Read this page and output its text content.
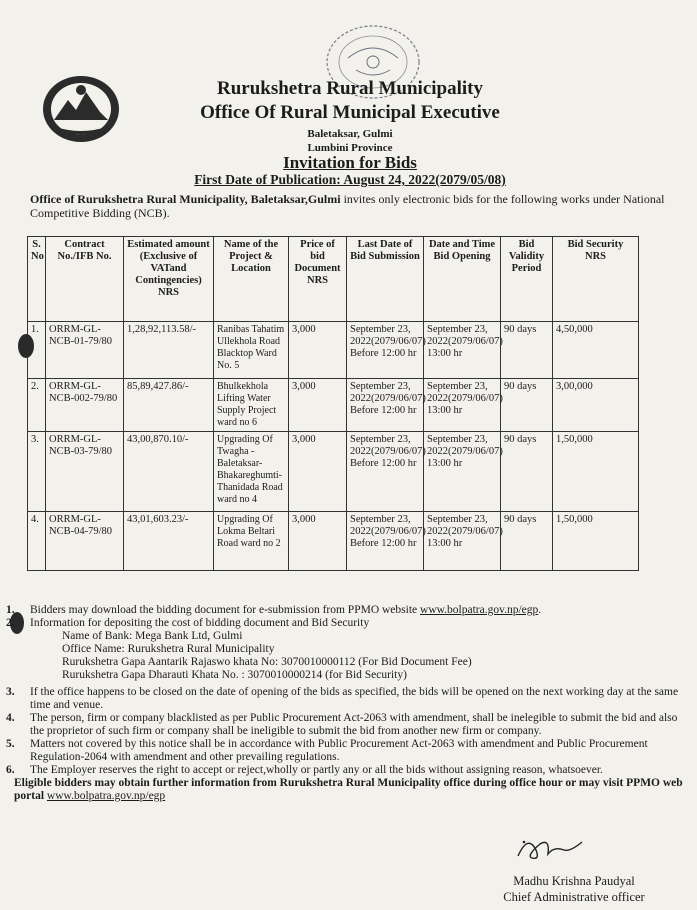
Rurukshetra Rural Municipality
Office Of Rural Municipal Executive
Baletaksar, Gulmi
Lumbini Province
Invitation for Bids
First Date of Publication: August 24, 2022(2079/05/08)
Office of Rurukshetra Rural Municipality, Baletaksar,Gulmi invites only electronic bids for the following works under National Competitive Bidding (NCB).
S. No	Contract No./IFB No.	Estimated amount (Exclusive of VATand Contingencies) NRS	Name of the Project & Location	Price of bid Document NRS	Last Date of Bid Submission	Date and Time Bid Opening	Bid Validity Period	Bid Security NRS
1.	ORRM-GL-NCB-01-79/80	1,28,92,113.58/-	Ranibas Tahatim Ullekhola Road Blacktop Ward No. 5	3,000	September 23, 2022(2079/06/07) Before 12:00 hr	September 23, 2022(2079/06/07) 13:00 hr	90 days	4,50,000
2.	ORRM-GL-NCB-002-79/80	85,89,427.86/-	Bhulkekhola Lifting Water Supply Project ward no 6	3,000	September 23, 2022(2079/06/07) Before 12:00 hr	September 23, 2022(2079/06/07) 13:00 hr	90 days	3,00,000
3.	ORRM-GL-NCB-03-79/80	43,00,870.10/-	Upgrading Of Twagha - Baletaksar-Bhakareghumti-Thanidada Road ward no 4	3,000	September 23, 2022(2079/06/07) Before 12:00 hr	September 23, 2022(2079/06/07) 13:00 hr	90 days	1,50,000
4.	ORRM-GL-NCB-04-79/80	43,01,603.23/-	Upgrading Of Lokma Beltari Road ward no 2	3,000	September 23, 2022(2079/06/07) Before 12:00 hr	September 23, 2022(2079/06/07) 13:00 hr	90 days	1,50,000

1. Bidders may download the bidding document for e-submission from PPMO website www.bolpatra.gov.np/egp.

2. Information for depositing the cost of bidding document and Bid Security

Name of Bank: Mega Bank Ltd, Gulmi

Office Name: Rurukshetra Rural Municipality

Rurukshetra Gapa Aantarik Rajaswo khata No: 3070010000112 (For Bid Document Fee)

Rurukshetra Gapa Dharauti Khata No. : 3070010000214 (for Bid Security)

3. If the office happens to be closed on the date of opening of the bids as specified, the bids will be opened on the next working day at the same time and venue.

4. The person, firm or company blacklisted as per Public Procurement Act-2063 with amendment, shall be inelegible to submit the bid and also the proprietor of such firm or company shall be ineligible to submit the bid from another new firm or company.

5. Matters not covered by this notice shall be in accordance with Public Procurement Act-2063 with amendment and Public Procurement Regulation-2064 with amendment and other prevailing regulations.

6. The Employer reserves the right to accept or reject,wholly or partly any or all the bids without assigning reason, whatsoever.

Eligible bidders may obtain further information from Rurukshetra Rural Municipality office during office hour or may visit PPMO web portal www.bolpatra.gov.np/egp

Madhu Krishna Paudyal
Chief Administrative officer
